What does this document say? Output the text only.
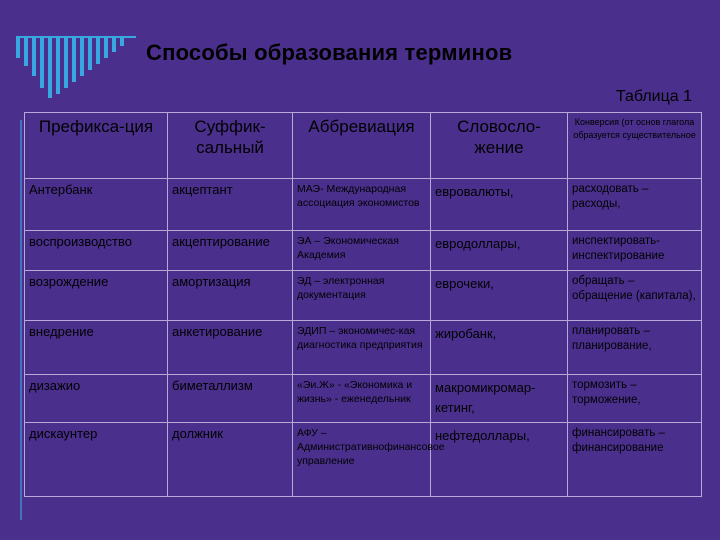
Способы образования терминов
Таблица 1
Префикса-ция	Суффик-сальный	Аббревиация	Словосло-жение	Конверсия (от основ глагола образуется существительное
Антербанк	акцептант	МАЭ- Международная ассоциация экономистов	евровалюты,	расходовать – расходы,
воспроизводство	акцептирование	ЭА – Экономическая Академия	евродоллары,	инспектировать-инспектирование
возрождение	амортизация	ЭД – электронная документация	еврочеки,	обращать – обращение (капитала),
внедрение	анкетирование	ЭДИП – экономичес-кая диагностика предприятия	жиробанк,	планировать – планирование,
дизажио	биметаллизм	«Эи.Ж» - «Экономика и жизнь» - еженедельник	макромикромар-кетинг,	тормозить – торможение,
дискаунтер	должник	АФУ – Административнофинансовое управление	нефтедоллары,	финансировать – финансирование
